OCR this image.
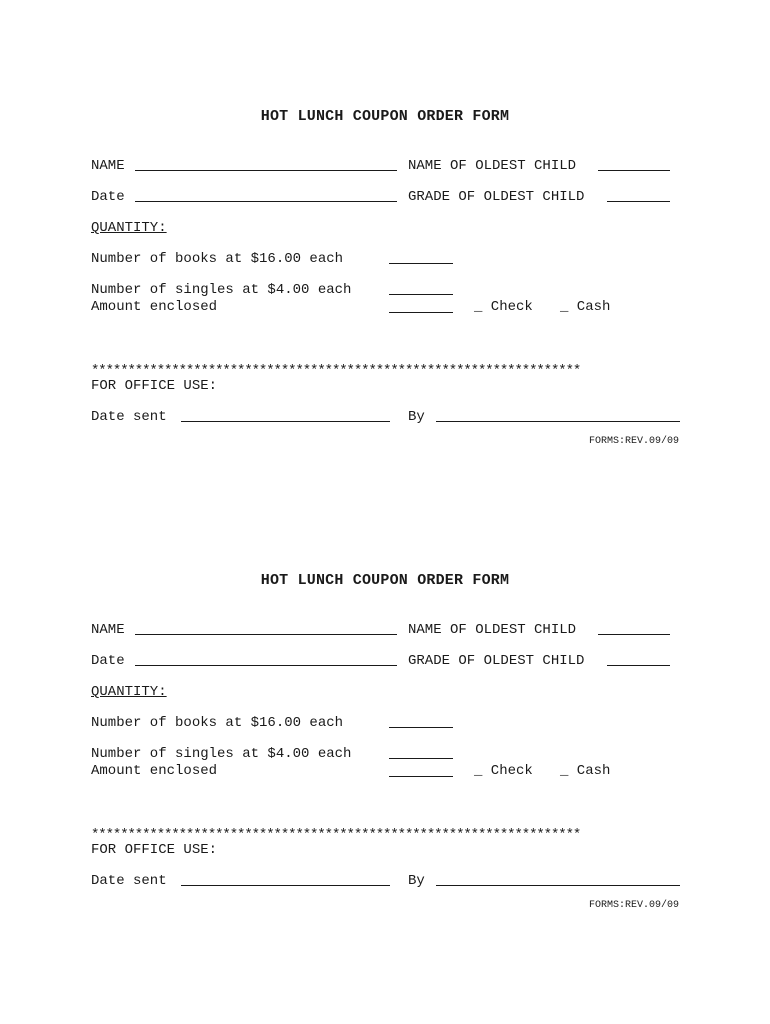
HOT LUNCH COUPON ORDER FORM
NAME	NAME OF OLDEST CHILD
Date	GRADE OF OLDEST CHILD
QUANTITY:
Number of books at $16.00 each
Number of singles at $4.00 each
Amount enclosed	_ Check _ Cash
*******************************************************************
FOR OFFICE USE:
Date sent	By
FORMS:REV.09/09
HOT LUNCH COUPON ORDER FORM
NAME	NAME OF OLDEST CHILD
Date	GRADE OF OLDEST CHILD
QUANTITY:
Number of books at $16.00 each
Number of singles at $4.00 each
Amount enclosed	_ Check _ Cash
*******************************************************************
FOR OFFICE USE:
Date sent	By
FORMS:REV.09/09
